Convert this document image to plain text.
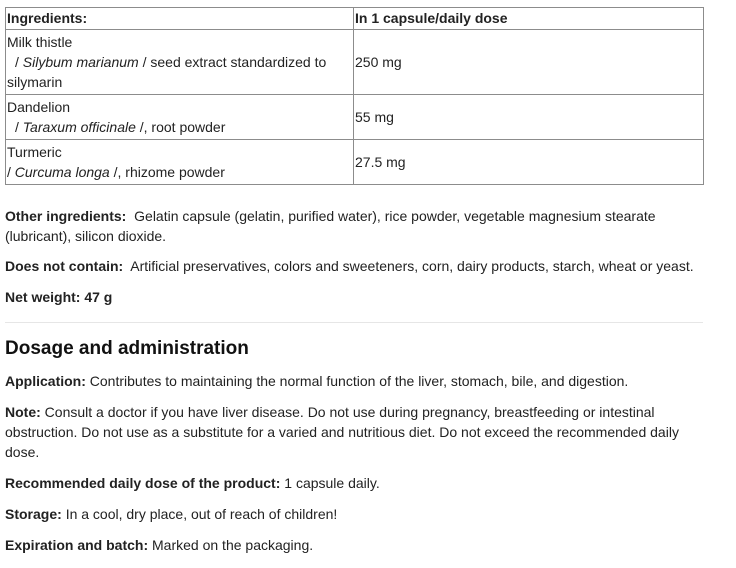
Ingredients:	In 1 capsule/daily dose
Milk thistle
/ Silybum marianum / seed extract standardized to silymarin	250 mg
Dandelion
/ Taraxum officinale /, root powder	55 mg
Turmeric
/ Curcuma longa /, rhizome powder	27.5 mg

Other ingredients: Gelatin capsule (gelatin, purified water), rice powder, vegetable magnesium stearate (lubricant), silicon dioxide.

Does not contain: Artificial preservatives, colors and sweeteners, corn, dairy products, starch, wheat or yeast.

Net weight: 47 g

Dosage and administration

Application: Contributes to maintaining the normal function of the liver, stomach, bile, and digestion.

Note: Consult a doctor if you have liver disease. Do not use during pregnancy, breastfeeding or intestinal obstruction. Do not use as a substitute for a varied and nutritious diet. Do not exceed the recommended daily dose.

Recommended daily dose of the product: 1 capsule daily.

Storage: In a cool, dry place, out of reach of children!

Expiration and batch: Marked on the packaging.
